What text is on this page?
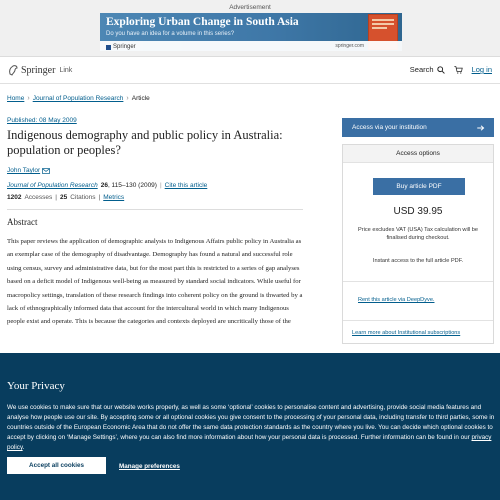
Advertisement
Exploring Urban Change in South Asia
Do you have an idea for a volume in this series?
Springer	springer.com
Springer Link	Search	Log in
Home › Journal of Population Research › Article
Published: 08 May 2009
Indigenous demography and public policy in Australia: population or peoples?
John Taylor
Journal of Population Research 26, 115–130 (2009) | Cite this article
1202 Accesses | 25 Citations | Metrics
Abstract
This paper reviews the application of demographic analysis to Indigenous Affairs public policy in Australia as an exemplar case of the demography of disadvantage. Demography has found a natural and successful role using census, survey and administrative data, but for the most part this is restricted to a series of gap analyses based on a deficit model of Indigenous well-being as measured by standard social indicators. While useful for macropolicy settings, translation of these research findings into coherent policy on the ground is thwarted by a lack of ethnographically informed data that account for the intercultural world in which many Indigenous people exist and operate. This is because the categories and contexts deployed are uncritically those of the
Access via your institution
Access options
Buy article PDF
USD 39.95
Price excludes VAT (USA) Tax calculation will be finalised during checkout.
Instant access to the full article PDF.
Rent this article via DeepDyve.
Learn more about Institutional subscriptions
Your Privacy
We use cookies to make sure that our website works properly, as well as some ‘optional’ cookies to personalise content and advertising, provide social media features and analyse how people use our site. By accepting some or all optional cookies you give consent to the processing of your personal data, including transfer to third parties, some in countries outside of the European Economic Area that do not offer the same data protection standards as the country where you live. You can decide which optional cookies to accept by clicking on ‘Manage Settings’, where you can also find more information about how your personal data is processed. Further information can be found in our privacy policy.
Accept all cookies	Manage preferences
